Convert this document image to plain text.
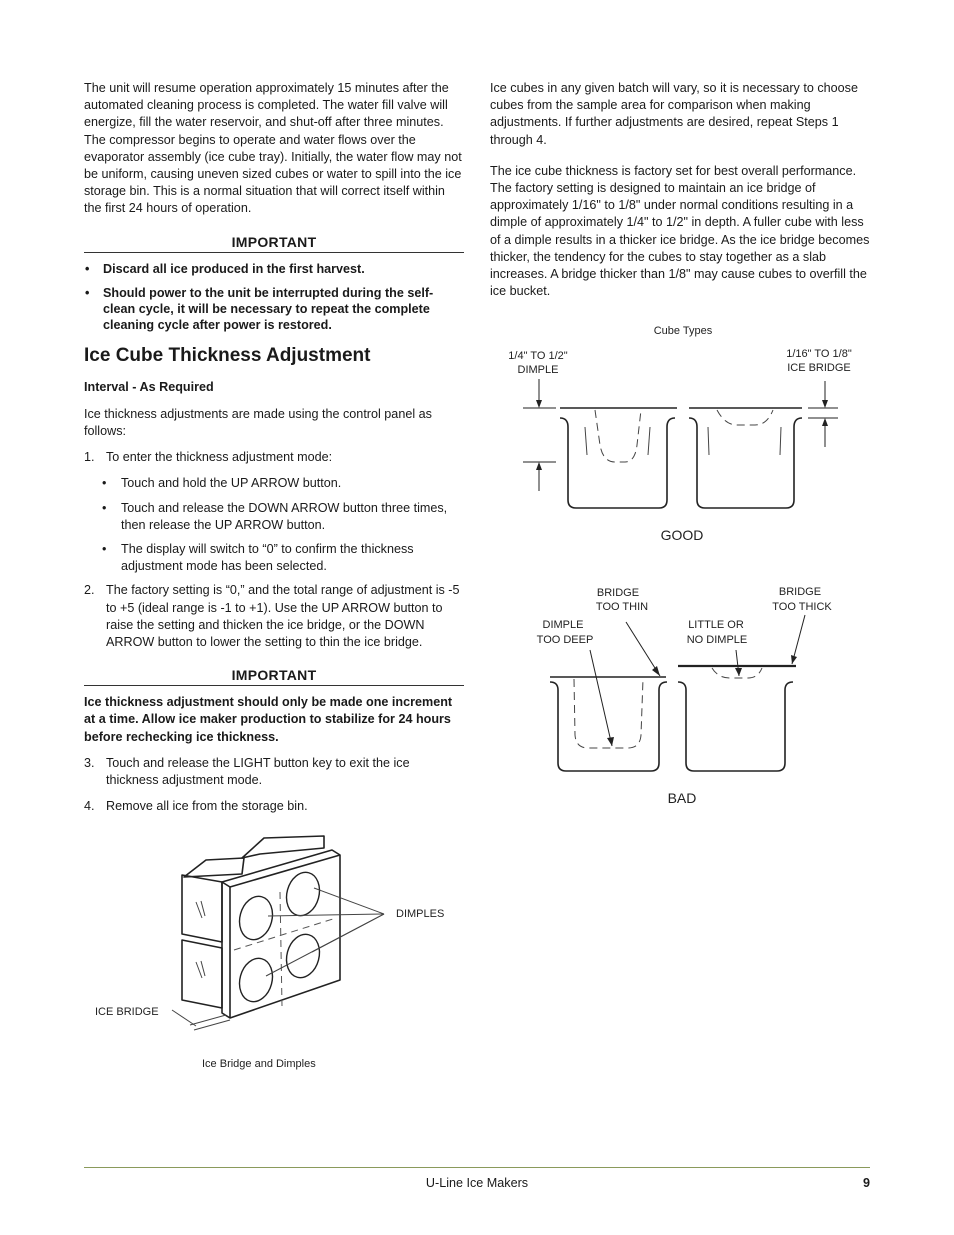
The unit will resume operation approximately 15 minutes after the automated cleaning process is completed. The water fill valve will energize, fill the water reservoir, and shut-off after three minutes. The compressor begins to operate and water flows over the evaporator assembly (ice cube tray). Initially, the water flow may not be uniform, causing uneven sized cubes or water to spill into the ice storage bin. This is a normal situation that will correct itself within the first 24 hours of operation.

IMPORTANT
•	Discard all ice produced in the first harvest.
•	Should power to the unit be interrupted during the self-clean cycle, it will be necessary to repeat the complete cleaning cycle after power is restored.
Ice Cube Thickness Adjustment

Interval - As Required

Ice thickness adjustments are made using the control panel as follows:

1. To enter the thickness adjustment mode:

•	Touch and hold the UP ARROW button.

•	Touch and release the DOWN ARROW button three times, then release the UP ARROW button.

•	The display will switch to “0” to confirm the thickness adjustment mode has been selected.

2. The factory setting is “0,” and the total range of adjustment is -5 to +5 (ideal range is -1 to +1). Use the UP ARROW button to raise the setting and thicken the ice bridge, or the DOWN ARROW button to lower the setting to thin the ice bridge.

IMPORTANT

Ice thickness adjustment should only be made one increment at a time. Allow ice maker production to stabilize for 24 hours before rechecking ice thickness.

3. Touch and release the LIGHT button key to exit the ice thickness adjustment mode.

4. Remove all ice from the storage bin.

Ice cubes in any given batch will vary, so it is necessary to choose cubes from the sample area for comparison when making adjustments. If further adjustments are desired, repeat Steps 1 through 4.

The ice cube thickness is factory set for best overall performance. The factory setting is designed to maintain an ice bridge of approximately 1/16" to 1/8" under normal conditions resulting in a dimple of approximately 1/4" to 1/2" in depth. A fuller cube with less of a dimple results in a thicker ice bridge. As the ice bridge becomes thicker, the tendency for the cubes to stay together as a slab increases. A bridge thicker than 1/8" may cause cubes to overfill the ice bucket.

Cube Types
1/4" TO 1/2"
DIMPLE
1/16" TO 1/8"
ICE BRIDGE
BRIDGE
TOO THIN
DIMPLE
TOO DEEP
LITTLE OR
NO DIMPLE
BRIDGE
TOO THICK
GOOD
BAD
DIMPLES
ICE BRIDGE
Ice Bridge and Dimples
U-Line Ice Makers	9
